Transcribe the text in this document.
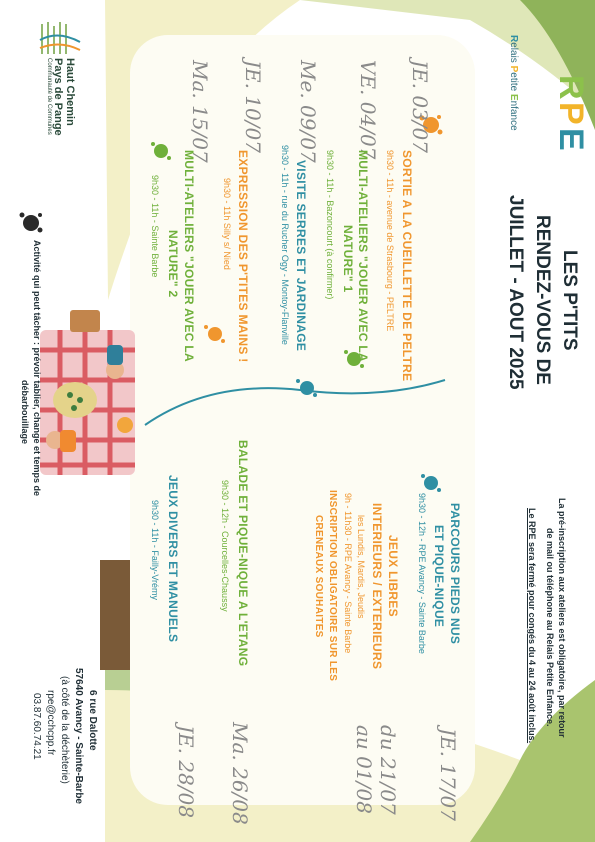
Haut Chemin
Pays de Pange
Communauté de Communes	R
P
E
Relais Petite Enfance
LES P'TITS
RENDEZ-VOUS DE
JUILLET - AOUT 2025
La pré-inscription aux ateliers est obligatoire, par retour
de mail ou téléphone au Relais Petite Enfance.
Le RPE sera fermé pour congés du 4 au 24 août inclus.
JE. 03/07
SORTIE A LA CUEILLETTE DE PELTRE
9h30 - 11h - avenue de Strasbourg - PELTRE
VE. 04/07
MULTI-ATELIERS "JOUER AVEC LA
NATURE" 1
9h30 - 11h - Bazoncourt (à confirmer)
Me. 09/07
VISITE SERRES ET JARDINAGE
9h30 - 11h - rue du Rucher Ogy - Montoy-Flanville
JE. 10/07
EXPRESSION DES P'TITES MAINS !
9h30 - 11h Silly s/ Nied
Ma. 15/07
MULTI-ATELIERS "JOUER AVEC LA
NATURE" 2
9h30 - 11h - Sainte Barbe
PARCOURS PIEDS NUS
ET PIQUE-NIQUE
9h30 - 12h - RPE Avancy - Sainte Barbe
JE. 17/07
JEUX LIBRES
INTERIEURS / EXTERIEURS
les Lundis, Mardis, Jeudis
9h - 11h30 - RPE Avancy - Sainte Barbe
INSCRIPTION OBLIGATOIRE SUR LES
CRENEAUX SOUHAITES
du 21/07 au 01/08
BALADE ET PIQUE-NIQUE A L'ETANG
9h30 - 12h - Courcelles-Chaussy
Ma. 26/08
JEUX DIVERS ET MANUELS
9h30 - 11h - Failly-Vrémy
JE. 28/08
Activité qui peut tâcher : prévoir tablier, change et temps de
débarbouillage
6 rue Dalotte
57640 Avancy - Sainte-Barbe
(à côté de la déchèterie)
rpe@cchcpp.fr
03.87.60.74.21
